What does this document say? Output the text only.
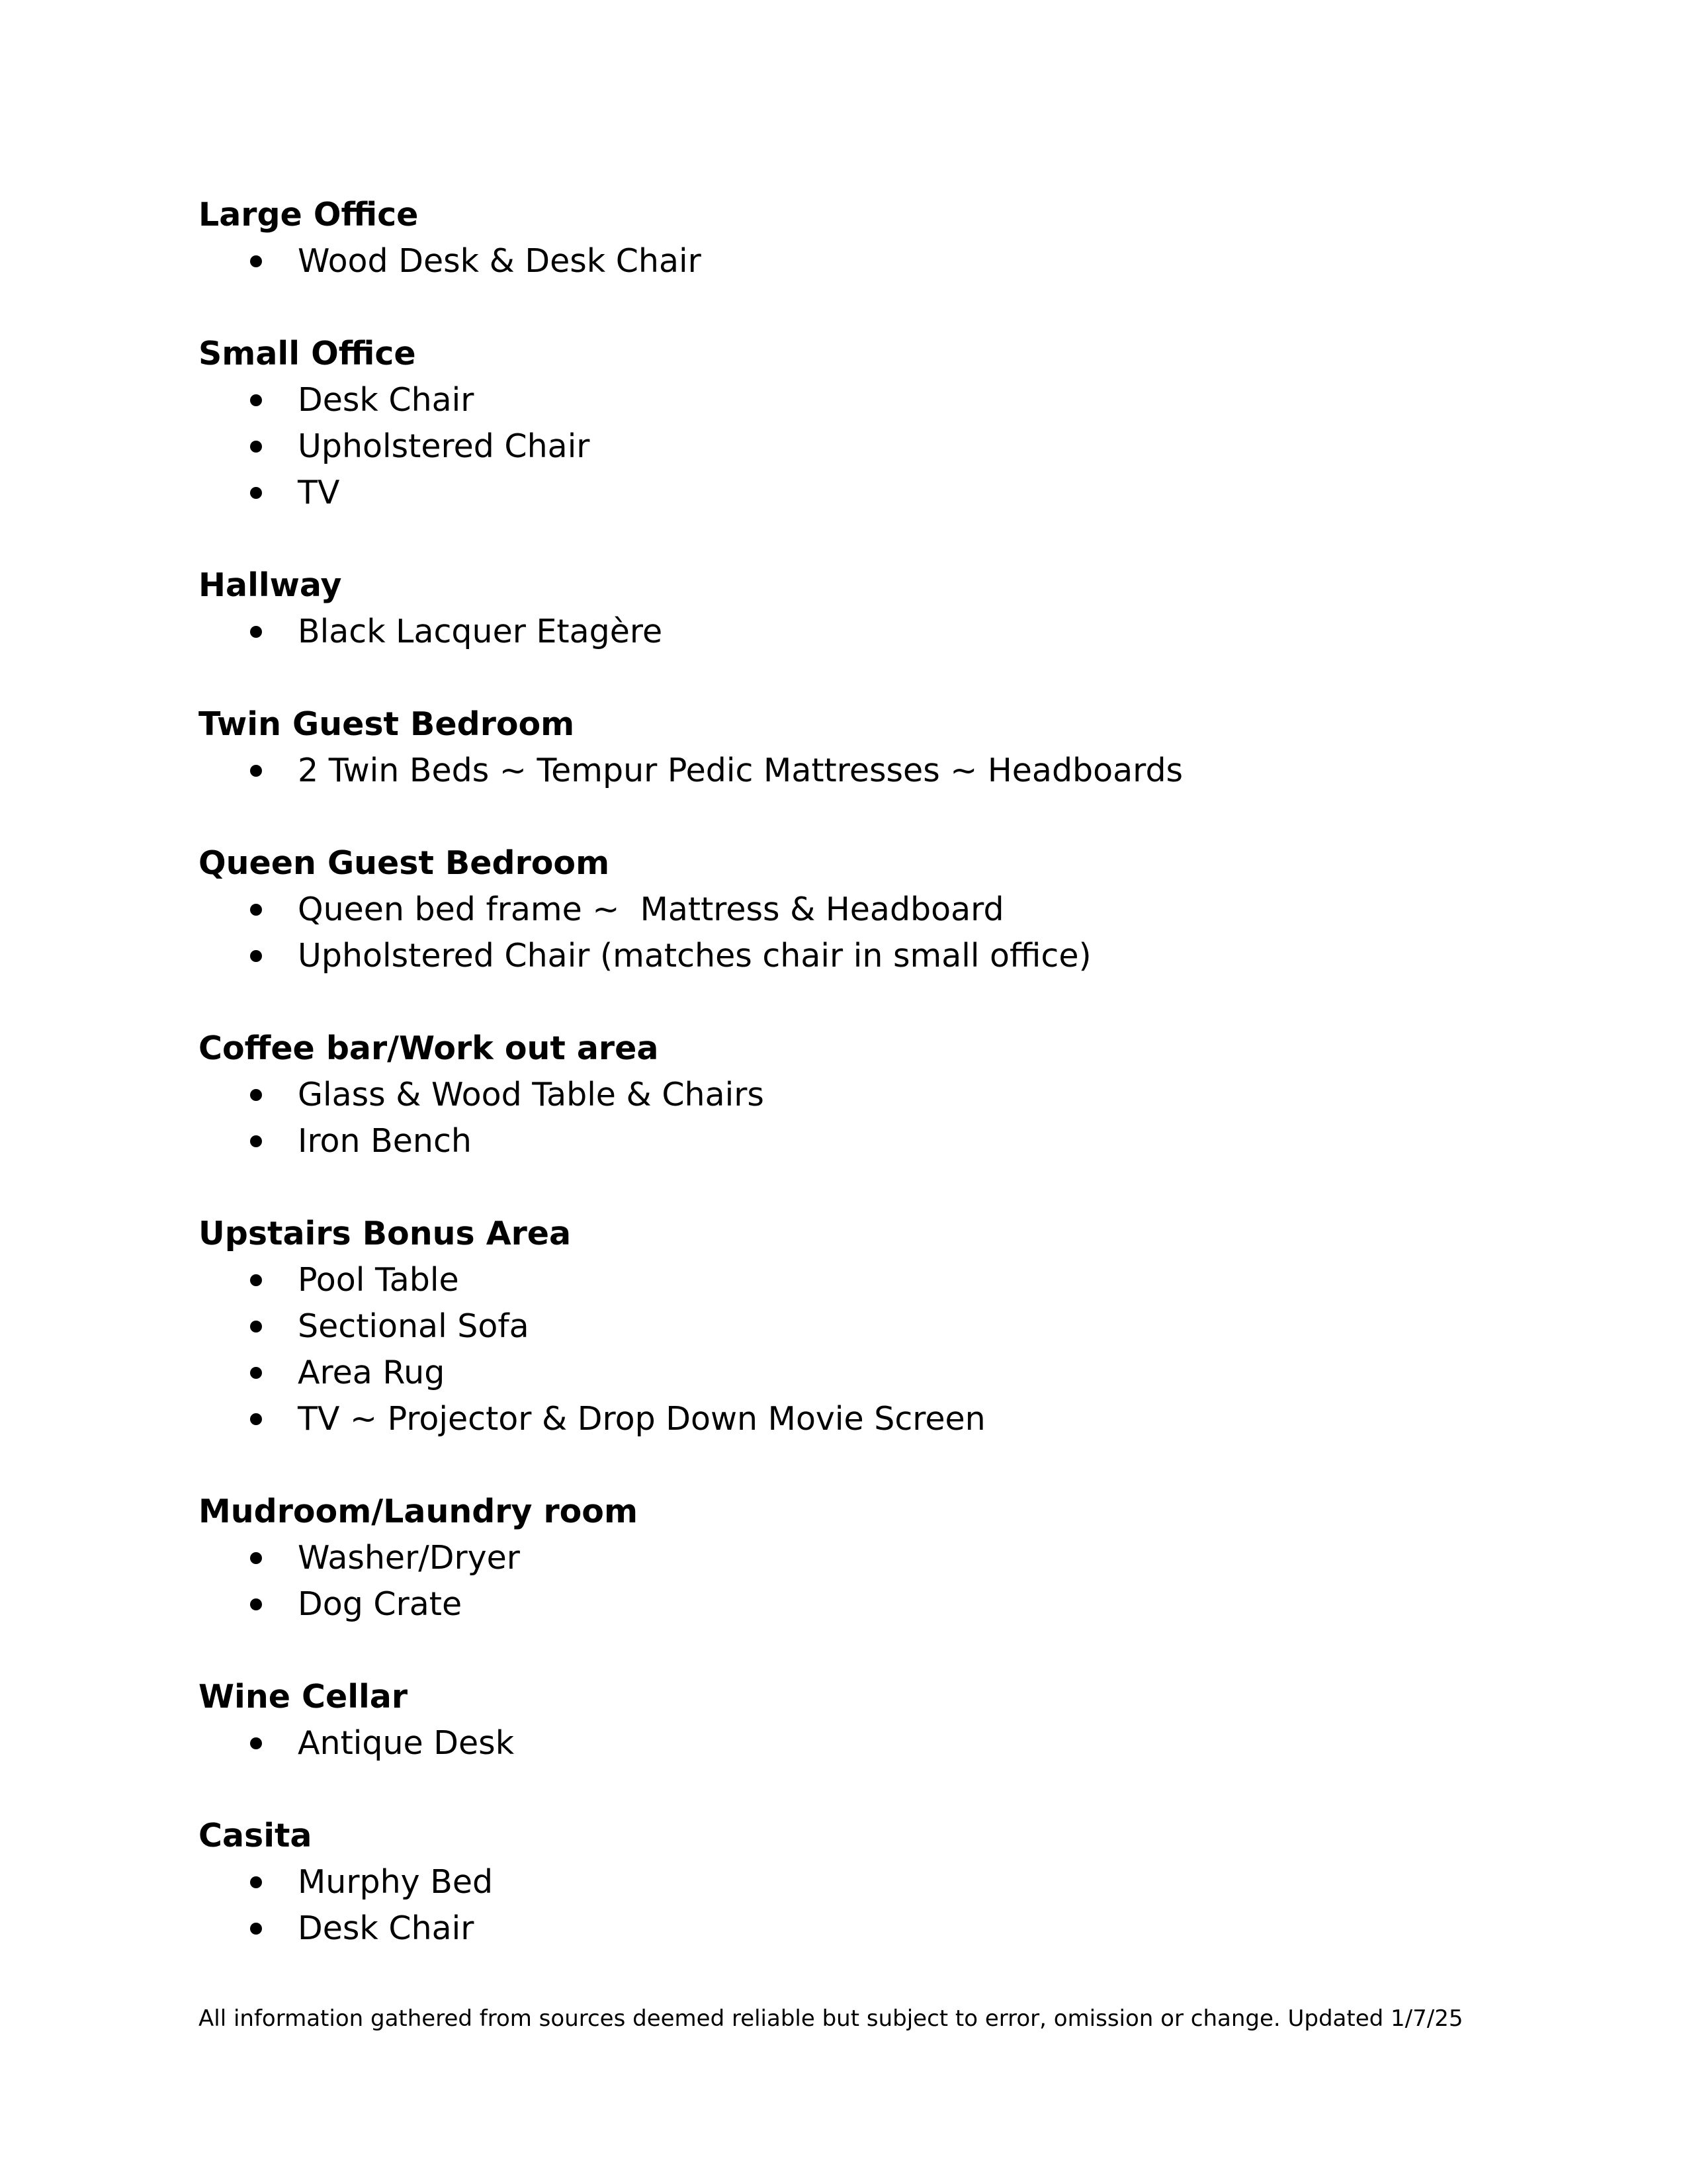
Large Office
Wood Desk & Desk Chair
Small Office
Desk Chair
Upholstered Chair
TV
Hallway
Black Lacquer Etagère
Twin Guest Bedroom
2 Twin Beds ~ Tempur Pedic Mattresses ~ Headboards
Queen Guest Bedroom
Queen bed frame ~  Mattress & Headboard
Upholstered Chair (matches chair in small office)
Coffee bar/Work out area
Glass & Wood Table & Chairs
Iron Bench
Upstairs Bonus Area
Pool Table
Sectional Sofa
Area Rug
TV ~ Projector & Drop Down Movie Screen
Mudroom/Laundry room
Washer/Dryer
Dog Crate
Wine Cellar
Antique Desk
Casita
Murphy Bed
Desk Chair
All information gathered from sources deemed reliable but subject to error, omission or change. Updated 1/7/25
